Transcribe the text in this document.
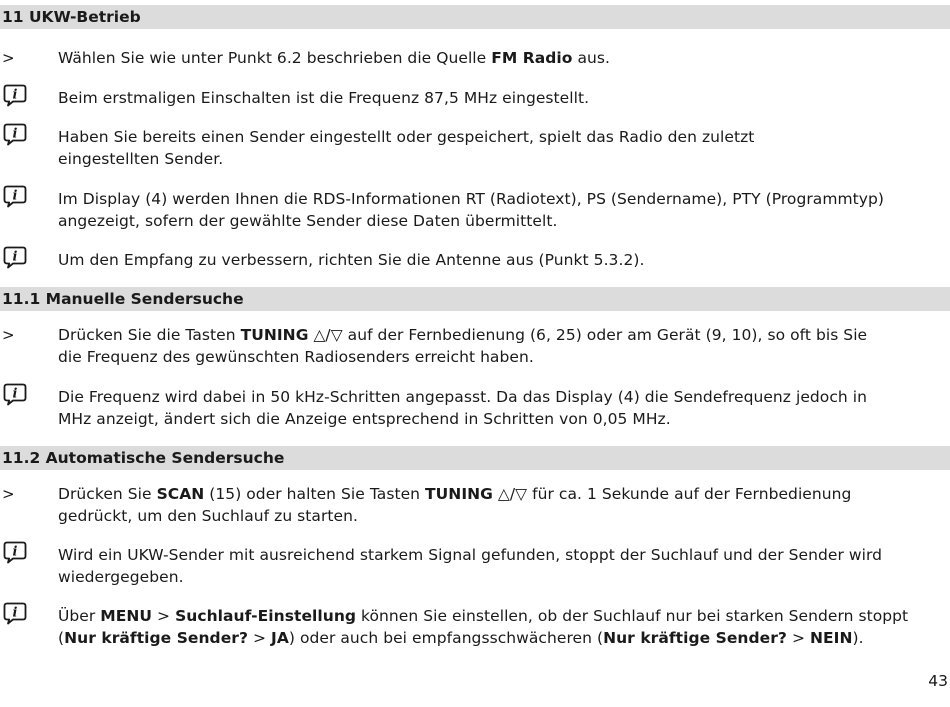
11 UKW-Betrieb
>	Wählen Sie wie unter Punkt 6.2 beschrieben die Quelle FM Radio aus.
i	Beim erstmaligen Einschalten ist die Frequenz 87,5 MHz eingestellt.
i	Haben Sie bereits einen Sender eingestellt oder gespeichert, spielt das Radio den zuletzt
eingestellten Sender.
i	Im Display (4) werden Ihnen die RDS-Informationen RT (Radiotext), PS (Sendername), PTY (Programmtyp)
angezeigt, sofern der gewählte Sender diese Daten übermittelt.
i	Um den Empfang zu verbessern, richten Sie die Antenne aus (Punkt 5.3.2).
11.1 Manuelle Sendersuche
>	Drücken Sie die Tasten TUNING △/▽ auf der Fernbedienung (6, 25) oder am Gerät (9, 10), so oft bis Sie
die Frequenz des gewünschten Radiosenders erreicht haben.
i	Die Frequenz wird dabei in 50 kHz-Schritten angepasst. Da das Display (4) die Sendefrequenz jedoch in
MHz anzeigt, ändert sich die Anzeige entsprechend in Schritten von 0,05 MHz.
11.2 Automatische Sendersuche
>	Drücken Sie SCAN (15) oder halten Sie Tasten TUNING △/▽ für ca. 1 Sekunde auf der Fernbedienung
gedrückt, um den Suchlauf zu starten.
i	Wird ein UKW-Sender mit ausreichend starkem Signal gefunden, stoppt der Suchlauf und der Sender wird
wiedergegeben.
i	Über MENU > Suchlauf-Einstellung können Sie einstellen, ob der Suchlauf nur bei starken Sendern stoppt
(Nur kräftige Sender? > JA) oder auch bei empfangsschwächeren (Nur kräftige Sender? > NEIN).
43
